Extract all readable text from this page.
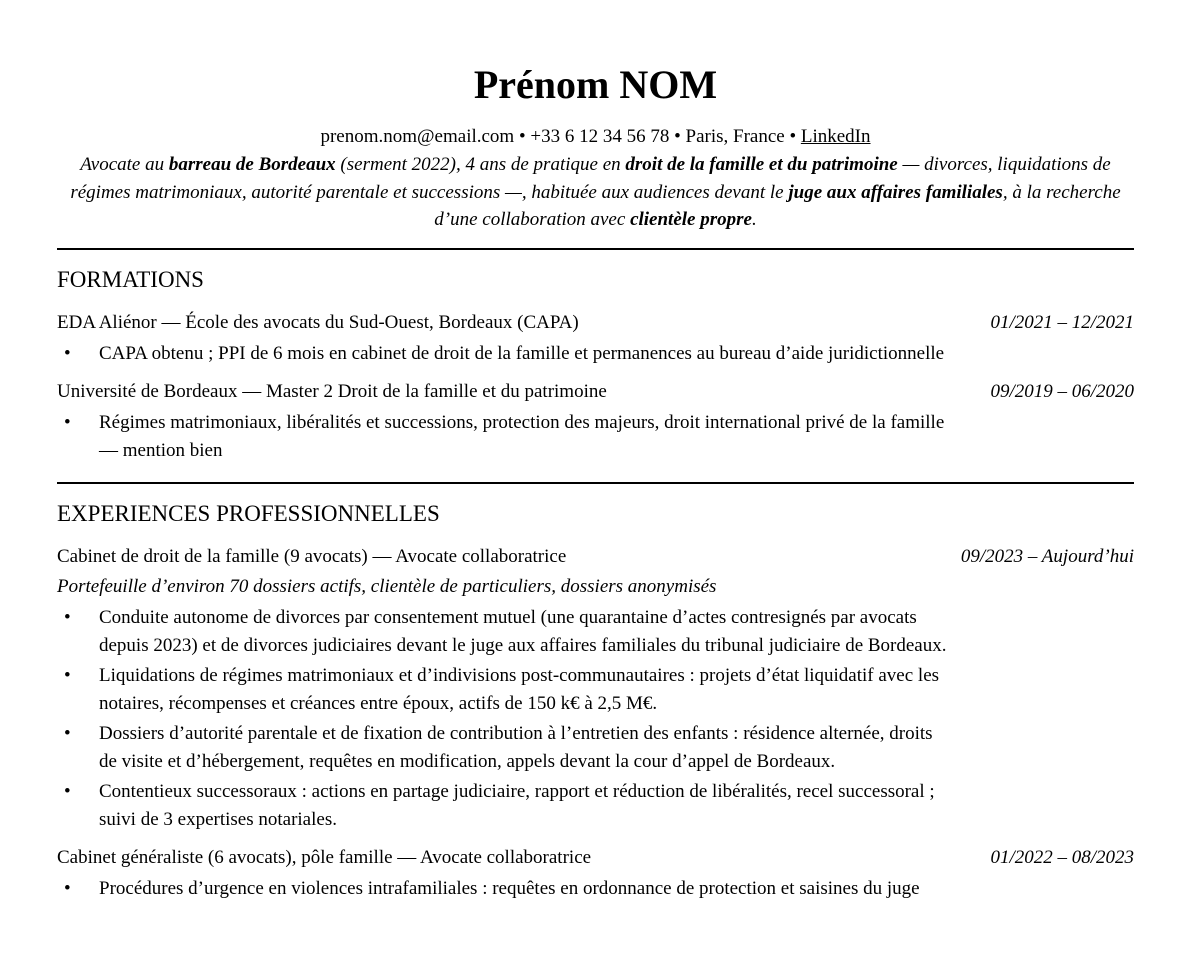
Prénom NOM
prenom.nom@email.com • +33 6 12 34 56 78 • Paris, France • LinkedIn
Avocate au barreau de Bordeaux (serment 2022), 4 ans de pratique en droit de la famille et du patrimoine — divorces, liquidations de régimes matrimoniaux, autorité parentale et successions —, habituée aux audiences devant le juge aux affaires familiales, à la recherche d’une collaboration avec clientèle propre.
FORMATIONS
EDA Aliénor — École des avocats du Sud-Ouest, Bordeaux (CAPA)	01/2021 – 12/2021
• CAPA obtenu ; PPI de 6 mois en cabinet de droit de la famille et permanences au bureau d’aide juridictionnelle
Université de Bordeaux — Master 2 Droit de la famille et du patrimoine	09/2019 – 06/2020
• Régimes matrimoniaux, libéralités et successions, protection des majeurs, droit international privé de la famille — mention bien
EXPERIENCES PROFESSIONNELLES
Cabinet de droit de la famille (9 avocats) — Avocate collaboratrice	09/2023 – Aujourd’hui
Portefeuille d’environ 70 dossiers actifs, clientèle de particuliers, dossiers anonymisés
• Conduite autonome de divorces par consentement mutuel (une quarantaine d’actes contresignés par avocats depuis 2023) et de divorces judiciaires devant le juge aux affaires familiales du tribunal judiciaire de Bordeaux.
• Liquidations de régimes matrimoniaux et d’indivisions post-communautaires : projets d’état liquidatif avec les notaires, récompenses et créances entre époux, actifs de 150 k€ à 2,5 M€.
• Dossiers d’autorité parentale et de fixation de contribution à l’entretien des enfants : résidence alternée, droits de visite et d’hébergement, requêtes en modification, appels devant la cour d’appel de Bordeaux.
• Contentieux successoraux : actions en partage judiciaire, rapport et réduction de libéralités, recel successoral ; suivi de 3 expertises notariales.
Cabinet généraliste (6 avocats), pôle famille — Avocate collaboratrice	01/2022 – 08/2023
• Procédures d’urgence en violences intrafamiliales : requêtes en ordonnance de protection et saisines du juge
